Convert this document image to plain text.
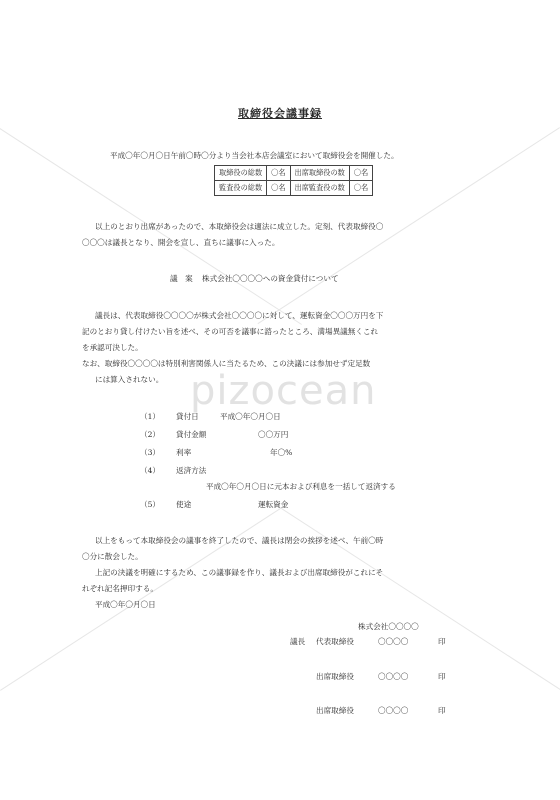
pizocean
取締役会議事録
平成〇年〇月〇日午前〇時〇分より当会社本店会議室において取締役会を開催した。
取締役の総数	〇名	出席取締役の数	〇名
監査役の総数	〇名	出席監査役の数	〇名
以上のとおり出席があったので、本取締役会は適法に成立した。定刻、代表取締役〇
〇〇〇は議長となり、開会を宣し、直ちに議事に入った。
議　案 株式会社〇〇〇〇への資金貸付について
議長は、代表取締役〇〇〇〇が株式会社〇〇〇〇に対して、運転資金〇〇〇万円を下
記のとおり貸し付けたい旨を述べ、その可否を議事に諮ったところ、満場異議無くこれ
を承認可決した。
なお、取締役〇〇〇〇は特別利害関係人に当たるため、この決議には参加せず定足数
には算入されない。
（1） 貸付日	平成〇年〇月〇日
（2） 貸付金額	〇〇万円
（3） 利率	年〇%
（4） 返済方法
平成〇年〇月〇日に元本および利息を一括して返済する
（5） 使途	運転資金
以上をもって本取締役会の議事を終了したので、議長は閉会の挨拶を述べ、午前〇時
〇分に散会した。
上記の決議を明確にするため、この議事録を作り、議長および出席取締役がこれにそ
れぞれ記名押印する。
平成〇年〇月〇日
株式会社〇〇〇〇
議長 代表取締役	〇〇〇〇	印
出席取締役	〇〇〇〇	印
出席取締役	〇〇〇〇	印
